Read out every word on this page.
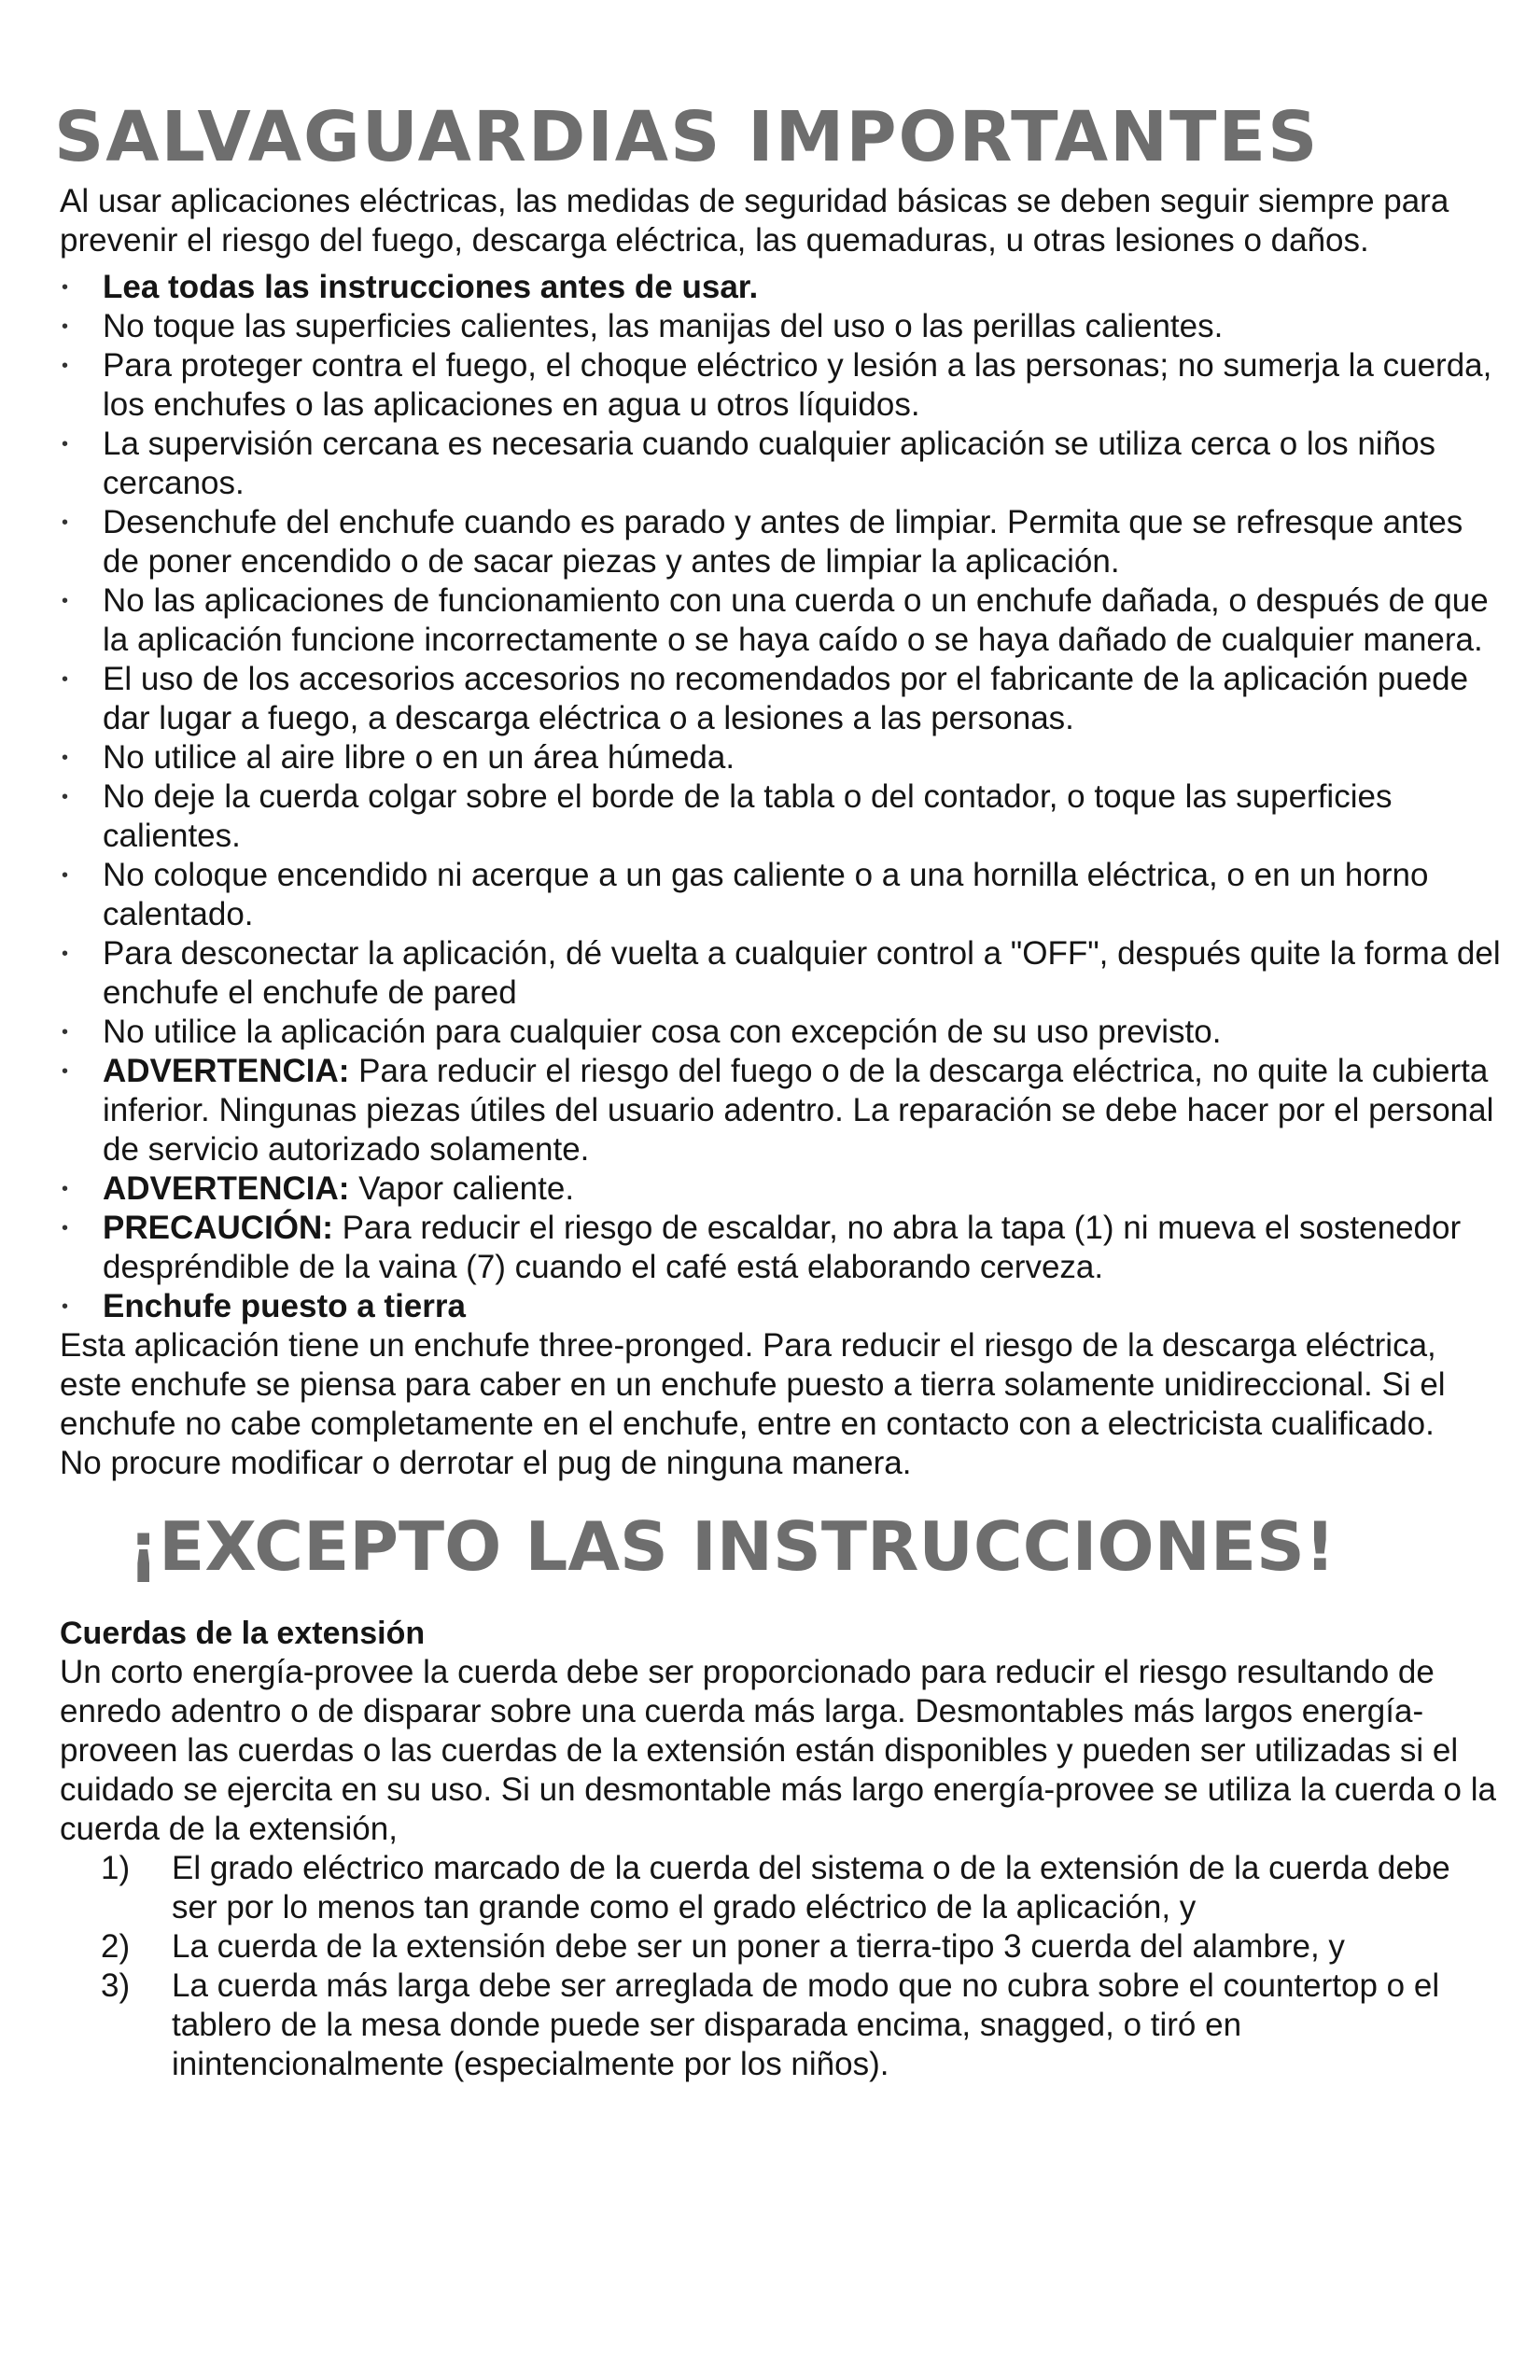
SALVAGUARDIAS IMPORTANTES

Al usar aplicaciones eléctricas, las medidas de seguridad básicas se deben seguir siempre para prevenir el riesgo del fuego, descarga eléctrica, las quemaduras, u otras lesiones o daños.

• Lea todas las instrucciones antes de usar.
• No toque las superficies calientes, las manijas del uso o las perillas calientes.
• Para proteger contra el fuego, el choque eléctrico y lesión a las personas; no sumerja la cuerda, los enchufes o las aplicaciones en agua u otros líquidos.
• La supervisión cercana es necesaria cuando cualquier aplicación se utiliza cerca o los niños cercanos.
• Desenchufe del enchufe cuando es parado y antes de limpiar. Permita que se refresque antes de poner encendido o de sacar piezas y antes de limpiar la aplicación.
• No las aplicaciones de funcionamiento con una cuerda o un enchufe dañada, o después de que la aplicación funcione incorrectamente o se haya caído o se haya dañado de cualquier manera.
• El uso de los accesorios accesorios no recomendados por el fabricante de la aplicación puede dar lugar a fuego, a descarga eléctrica o a lesiones a las personas.
• No utilice al aire libre o en un área húmeda.
• No deje la cuerda colgar sobre el borde de la tabla o del contador, o toque las superficies calientes.
• No coloque encendido ni acerque a un gas caliente o a una hornilla eléctrica, o en un horno calentado.
• Para desconectar la aplicación, dé vuelta a cualquier control a "OFF", después quite la forma del enchufe el enchufe de pared
• No utilice la aplicación para cualquier cosa con excepción de su uso previsto.
• ADVERTENCIA: Para reducir el riesgo del fuego o de la descarga eléctrica, no quite la cubierta inferior. Ningunas piezas útiles del usuario adentro. La reparación se debe hacer por el personal de servicio autorizado solamente.
• ADVERTENCIA: Vapor caliente.
• PRECAUCIÓN: Para reducir el riesgo de escaldar, no abra la tapa (1) ni mueva el sostenedor despréndible de la vaina (7) cuando el café está elaborando cerveza.
• Enchufe puesto a tierra

Esta aplicación tiene un enchufe three-pronged. Para reducir el riesgo de la descarga eléctrica, este enchufe se piensa para caber en un enchufe puesto a tierra solamente unidireccional. Si el enchufe no cabe completamente en el enchufe, entre en contacto con a electricista cualificado. No procure modificar o derrotar el pug de ninguna manera.

¡EXCEPTO LAS INSTRUCCIONES!

Cuerdas de la extensión

Un corto energía-provee la cuerda debe ser proporcionado para reducir el riesgo resultando de enredo adentro o de disparar sobre una cuerda más larga. Desmontables más largos energía-proveen las cuerdas o las cuerdas de la extensión están disponibles y pueden ser utilizadas si el cuidado se ejercita en su uso. Si un desmontable más largo energía-provee se utiliza la cuerda o la cuerda de la extensión,

1) El grado eléctrico marcado de la cuerda del sistema o de la extensión de la cuerda debe ser por lo menos tan grande como el grado eléctrico de la aplicación, y
2) La cuerda de la extensión debe ser un poner a tierra-tipo 3 cuerda del alambre, y
3) La cuerda más larga debe ser arreglada de modo que no cubra sobre el countertop o el tablero de la mesa donde puede ser disparada encima, snagged, o tiró en inintencionalmente (especialmente por los niños).
